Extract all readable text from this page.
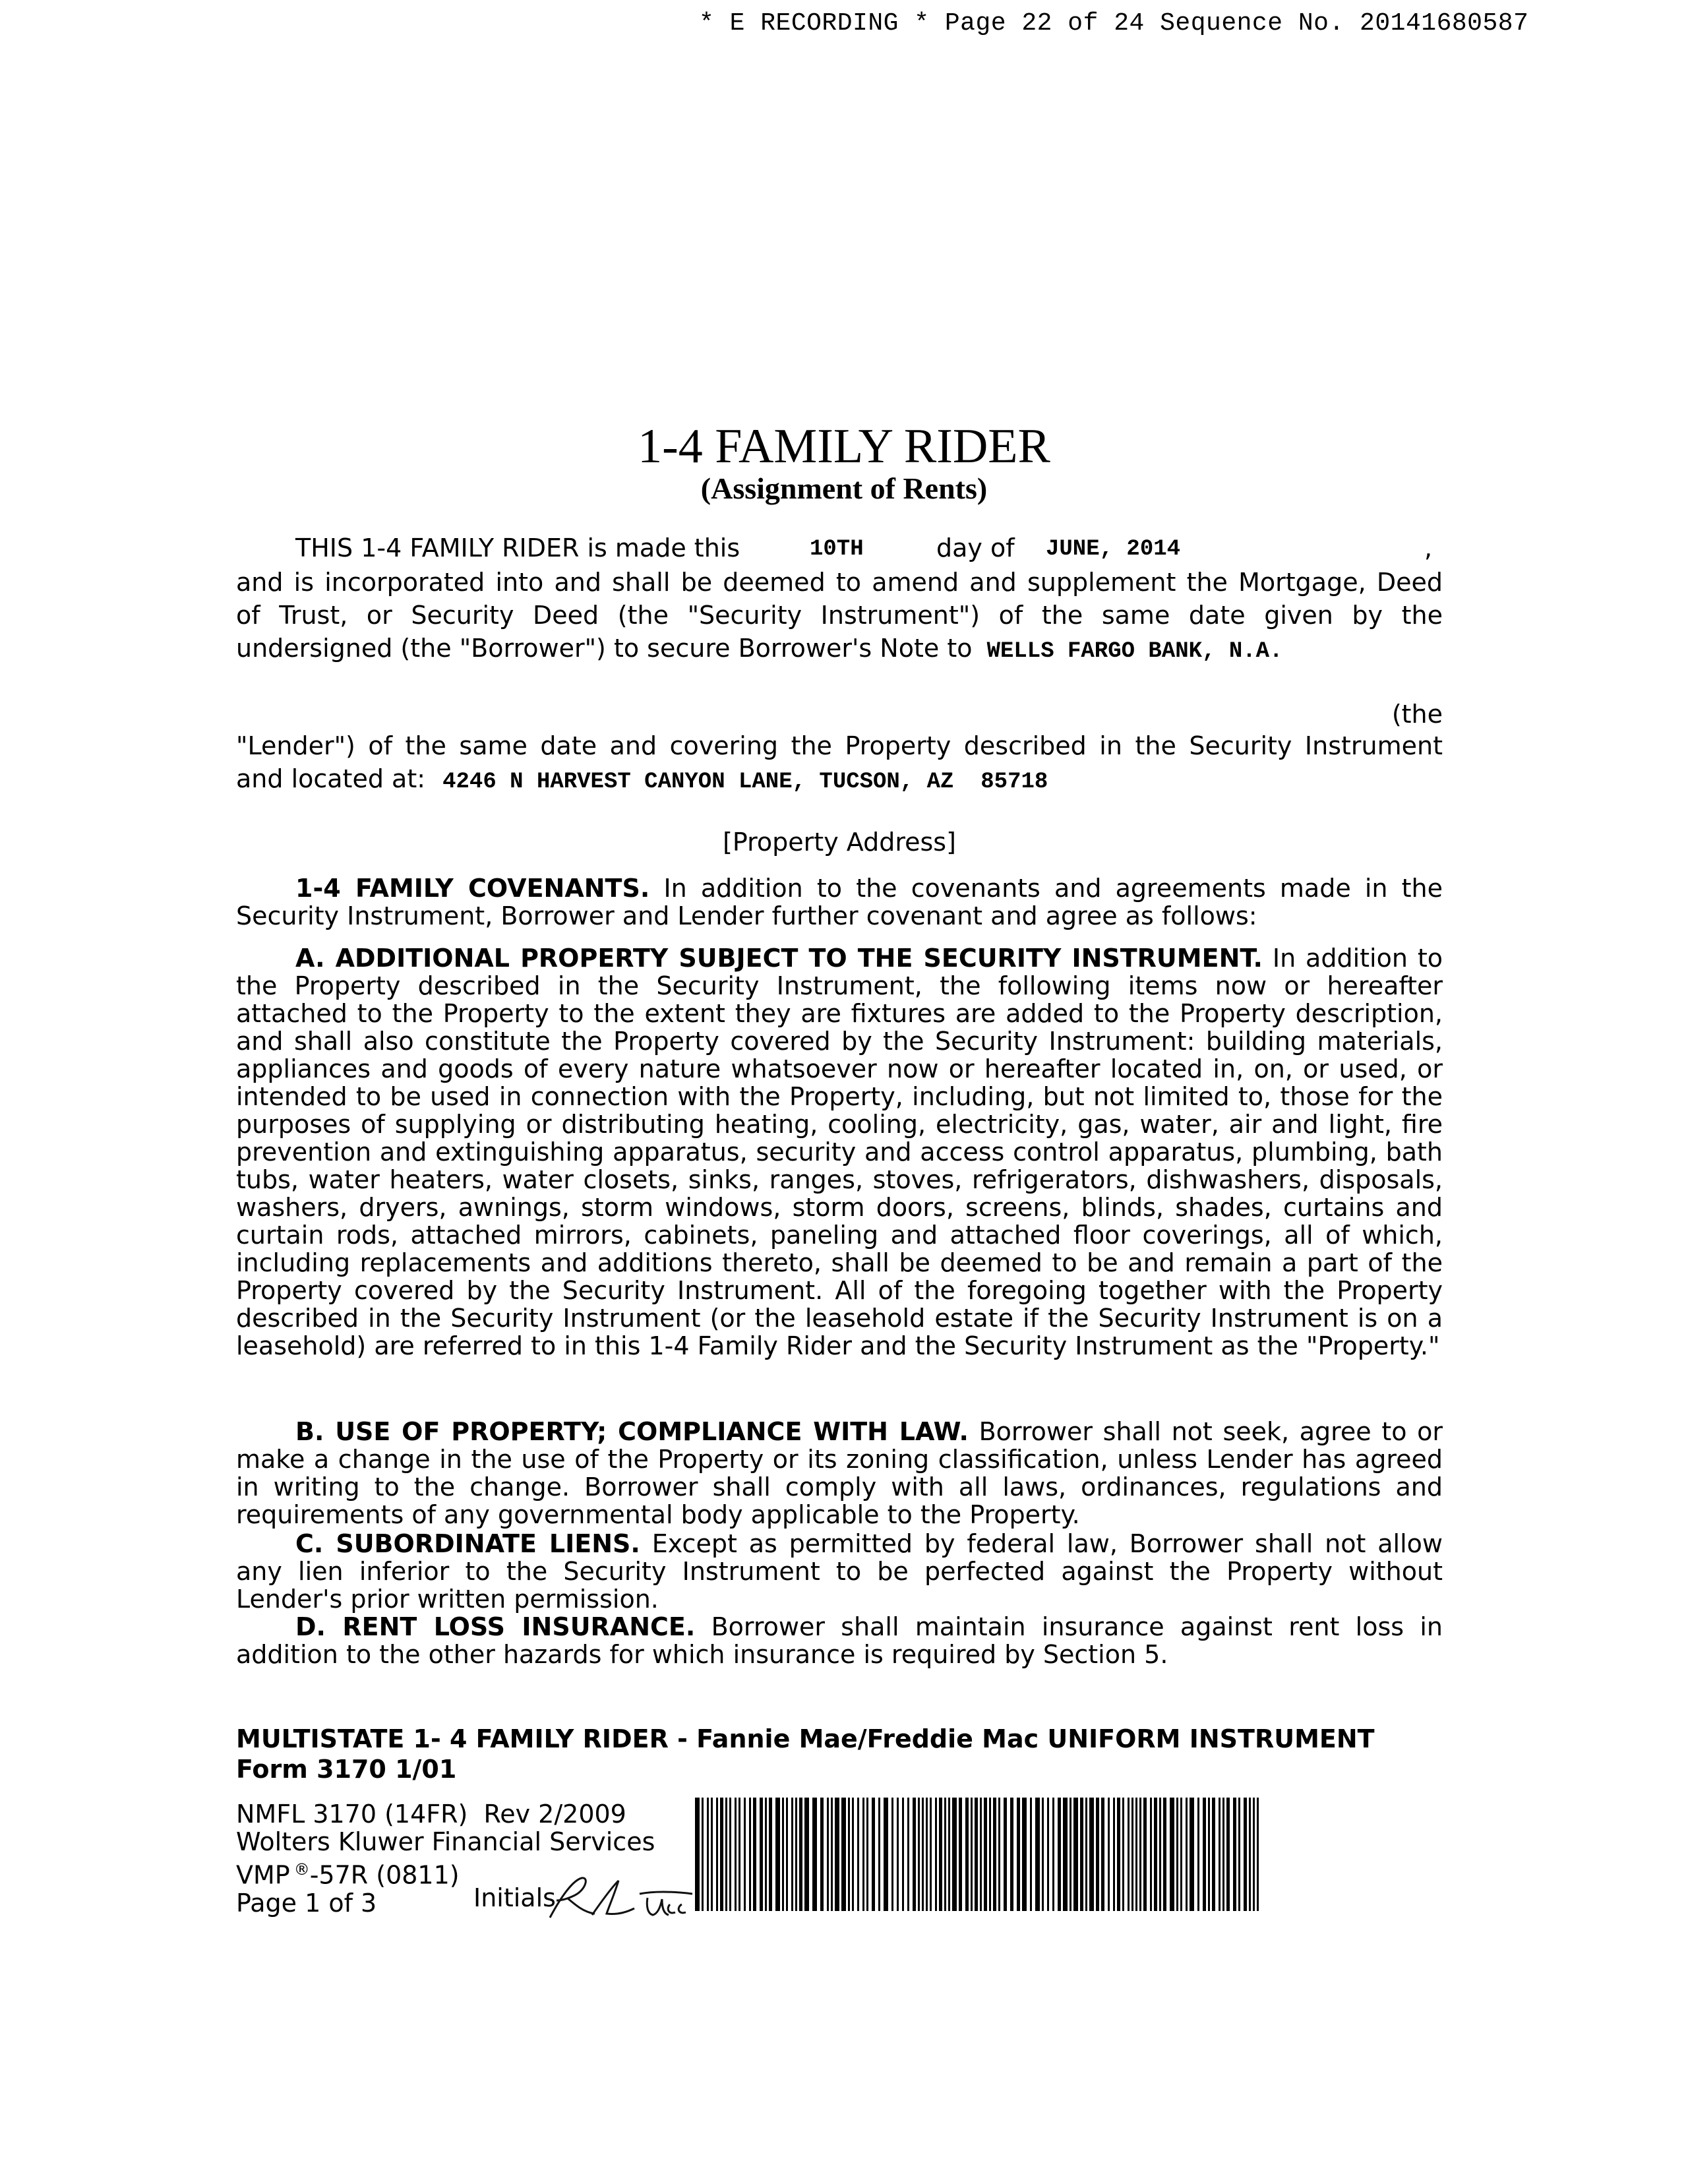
* E RECORDING * Page 22 of 24 Sequence No. 20141680587
1-4 FAMILY RIDER
(Assignment of Rents)
THIS 1-4 FAMILY RIDER is made this	10TH	day of JUNE, 2014	,
and is incorporated into and shall be deemed to amend and supplement the Mortgage, Deed
of Trust, or Security Deed (the "Security Instrument") of the same date given by the
undersigned (the "Borrower") to secure Borrower's Note to WELLS FARGO BANK, N.A.
(the
"Lender") of the same date and covering the Property described in the Security Instrument
and located at: 4246 N HARVEST CANYON LANE, TUCSON, AZ  85718
[Property Address]
1-4 FAMILY COVENANTS. In addition to the covenants and agreements made in the Security Instrument, Borrower and Lender further covenant and agree as follows:
A. ADDITIONAL PROPERTY SUBJECT TO THE SECURITY INSTRUMENT. In addition to the Property described in the Security Instrument, the following items now or hereafter attached to the Property to the extent they are fixtures are added to the Property description, and shall also constitute the Property covered by the Security Instrument: building materials, appliances and goods of every nature whatsoever now or hereafter located in, on, or used, or intended to be used in connection with the Property, including, but not limited to, those for the purposes of supplying or distributing heating, cooling, electricity, gas, water, air and light, fire prevention and extinguishing apparatus, security and access control apparatus, plumbing, bath tubs, water heaters, water closets, sinks, ranges, stoves, refrigerators, dishwashers, disposals, washers, dryers, awnings, storm windows, storm doors, screens, blinds, shades, curtains and curtain rods, attached mirrors, cabinets, paneling and attached floor coverings, all of which, including replacements and additions thereto, shall be deemed to be and remain a part of the Property covered by the Security Instrument. All of the foregoing together with the Property described in the Security Instrument (or the leasehold estate if the Security Instrument is on a leasehold) are referred to in this 1-4 Family Rider and the Security Instrument as the "Property."
B. USE OF PROPERTY; COMPLIANCE WITH LAW. Borrower shall not seek, agree to or make a change in the use of the Property or its zoning classification, unless Lender has agreed in writing to the change. Borrower shall comply with all laws, ordinances, regulations and requirements of any governmental body applicable to the Property.
C. SUBORDINATE LIENS. Except as permitted by federal law, Borrower shall not allow any lien inferior to the Security Instrument to be perfected against the Property without Lender's prior written permission.
D. RENT LOSS INSURANCE. Borrower shall maintain insurance against rent loss in addition to the other hazards for which insurance is required by Section 5.
MULTISTATE 1- 4 FAMILY RIDER - Fannie Mae/Freddie Mac UNIFORM INSTRUMENT
Form 3170 1/01
NMFL 3170 (14FR)  Rev 2/2009
Wolters Kluwer Financial Services
VMP ®-57R (0811)
Page 1 of 3	Initials
